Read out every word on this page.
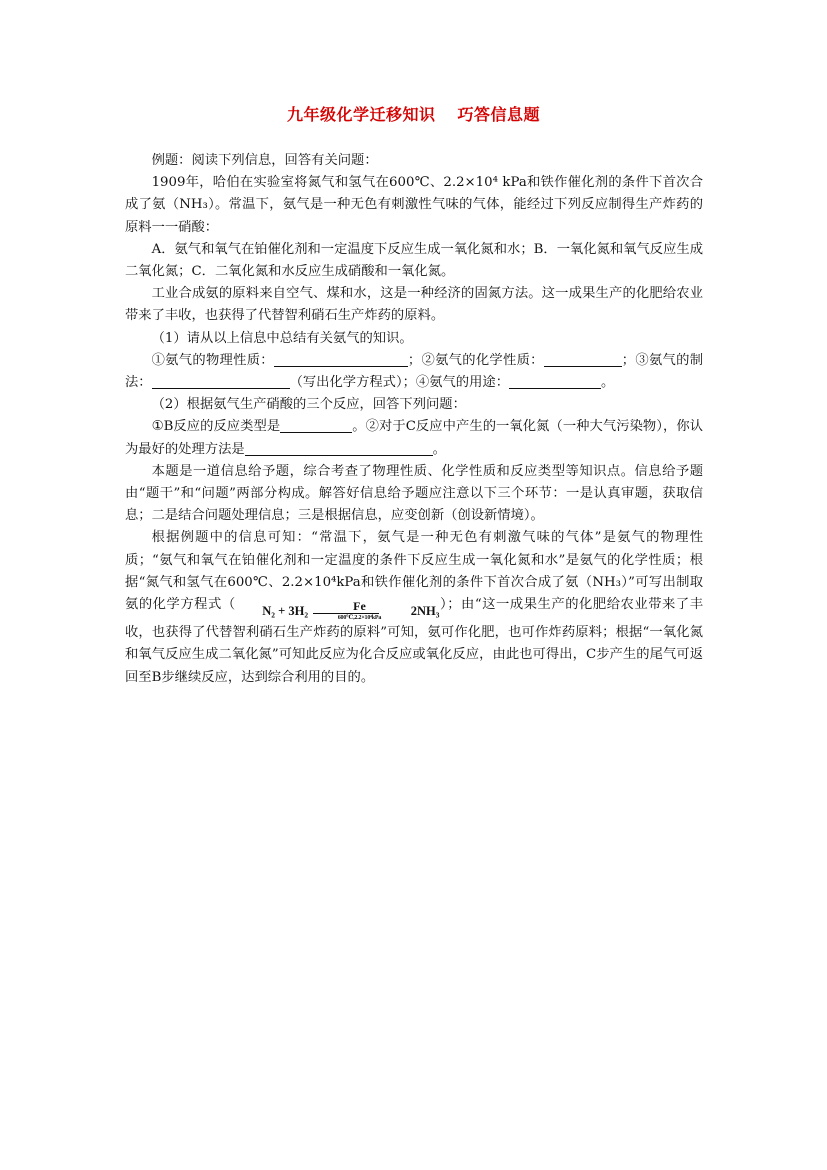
九年级化学迁移知识 巧答信息题

例题：阅读下列信息，回答有关问题：

1909年，哈伯在实验室将氮气和氢气在600℃、2.2×10⁴ kPa和铁作催化剂的条件下首次合成了氨（NH₃）。常温下，氨气是一种无色有刺激性气味的气体，能经过下列反应制得生产炸药的原料一一硝酸：

A．氨气和氧气在铂催化剂和一定温度下反应生成一氧化氮和水；B．一氧化氮和氧气反应生成二氧化氮；C．二氧化氮和水反应生成硝酸和一氧化氮。

工业合成氨的原料来自空气、煤和水，这是一种经济的固氮方法。这一成果生产的化肥给农业带来了丰收，也获得了代替智利硝石生产炸药的原料。

（1）请从以上信息中总结有关氨气的知识。

①氨气的物理性质：	；②氨气的化学性质：	；③氨气的制法：	（写出化学方程式）；④氨气的用途：	。

（2）根据氨气生产硝酸的三个反应，回答下列问题：

①B反应的反应类型是	。②对于C反应中产生的一氧化氮（一种大气污染物），你认为最好的处理方法是	。

本题是一道信息给予题，综合考查了物理性质、化学性质和反应类型等知识点。信息给予题由“题干”和“问题”两部分构成。解答好信息给予题应注意以下三个环节：一是认真审题，获取信息；二是结合问题处理信息；三是根据信息，应变创新（创设新情境）。

根据例题中的信息可知：“常温下，氨气是一种无色有刺激气味的气体”是氨气的物理性质；“氨气和氧气在铂催化剂和一定温度的条件下反应生成一氧化氮和水”是氨气的化学性质；根据“氮气和氢气在600℃、2.2×10⁴kPa和铁作催化剂的条件下首次合成了氨（NH₃）”可写出制取氨的化学方程式（	N₂ + 3H₂	Fe
600℃,2.2×10⁴kPa
2NH₃ ）；由“这一成果生产的化肥给农业带来了丰收，也获得了代替智利硝石生产炸药的原料”可知，氨可作化肥，也可作炸药原料；根据“一氧化氮和氧气反应生成二氧化氮”可知此反应为化合反应或氧化反应，由此也可得出，C步产生的尾气可返回至B步继续反应，达到综合利用的目的。
